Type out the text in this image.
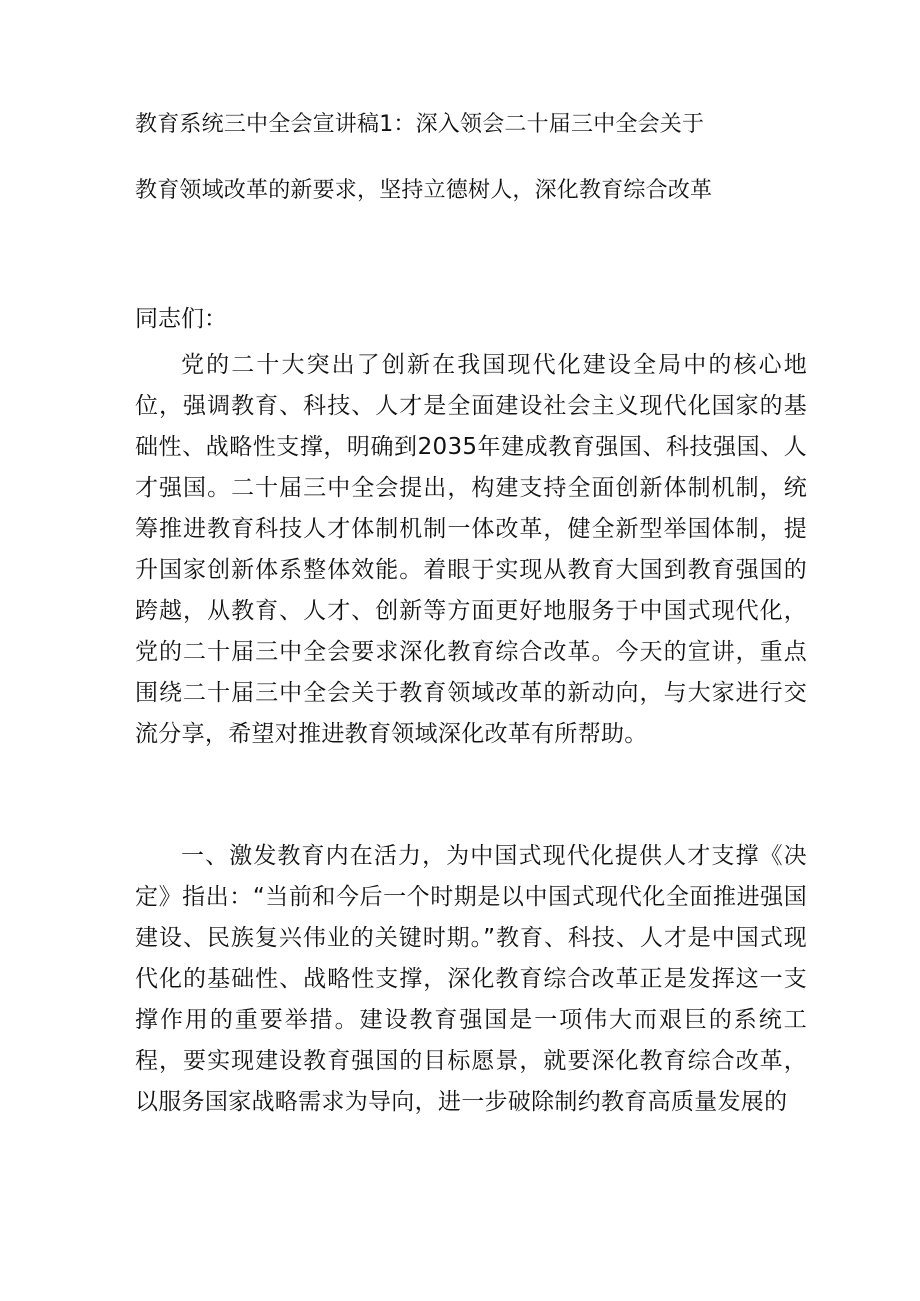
教育系统三中全会宣讲稿1：深入领会二十届三中全会关于
教育领域改革的新要求，坚持立德树人，深化教育综合改革
同志们：

党的二十大突出了创新在我国现代化建设全局中的核心地位，强调教育、科技、人才是全面建设社会主义现代化国家的基础性、战略性支撑，明确到2035年建成教育强国、科技强国、人才强国。二十届三中全会提出，构建支持全面创新体制机制，统筹推进教育科技人才体制机制一体改革，健全新型举国体制，提升国家创新体系整体效能。着眼于实现从教育大国到教育强国的跨越，从教育、人才、创新等方面更好地服务于中国式现代化，党的二十届三中全会要求深化教育综合改革。今天的宣讲，重点围绕二十届三中全会关于教育领域改革的新动向，与大家进行交流分享，希望对推进教育领域深化改革有所帮助。

一、激发教育内在活力，为中国式现代化提供人才支撑《决定》指出：“当前和今后一个时期是以中国式现代化全面推进强国建设、民族复兴伟业的关键时期。”教育、科技、人才是中国式现代化的基础性、战略性支撑，深化教育综合改革正是发挥这一支撑作用的重要举措。建设教育强国是一项伟大而艰巨的系统工程，要实现建设教育强国的目标愿景，就要深化教育综合改革，以服务国家战略需求为导向，进一步破除制约教育高质量发展的
